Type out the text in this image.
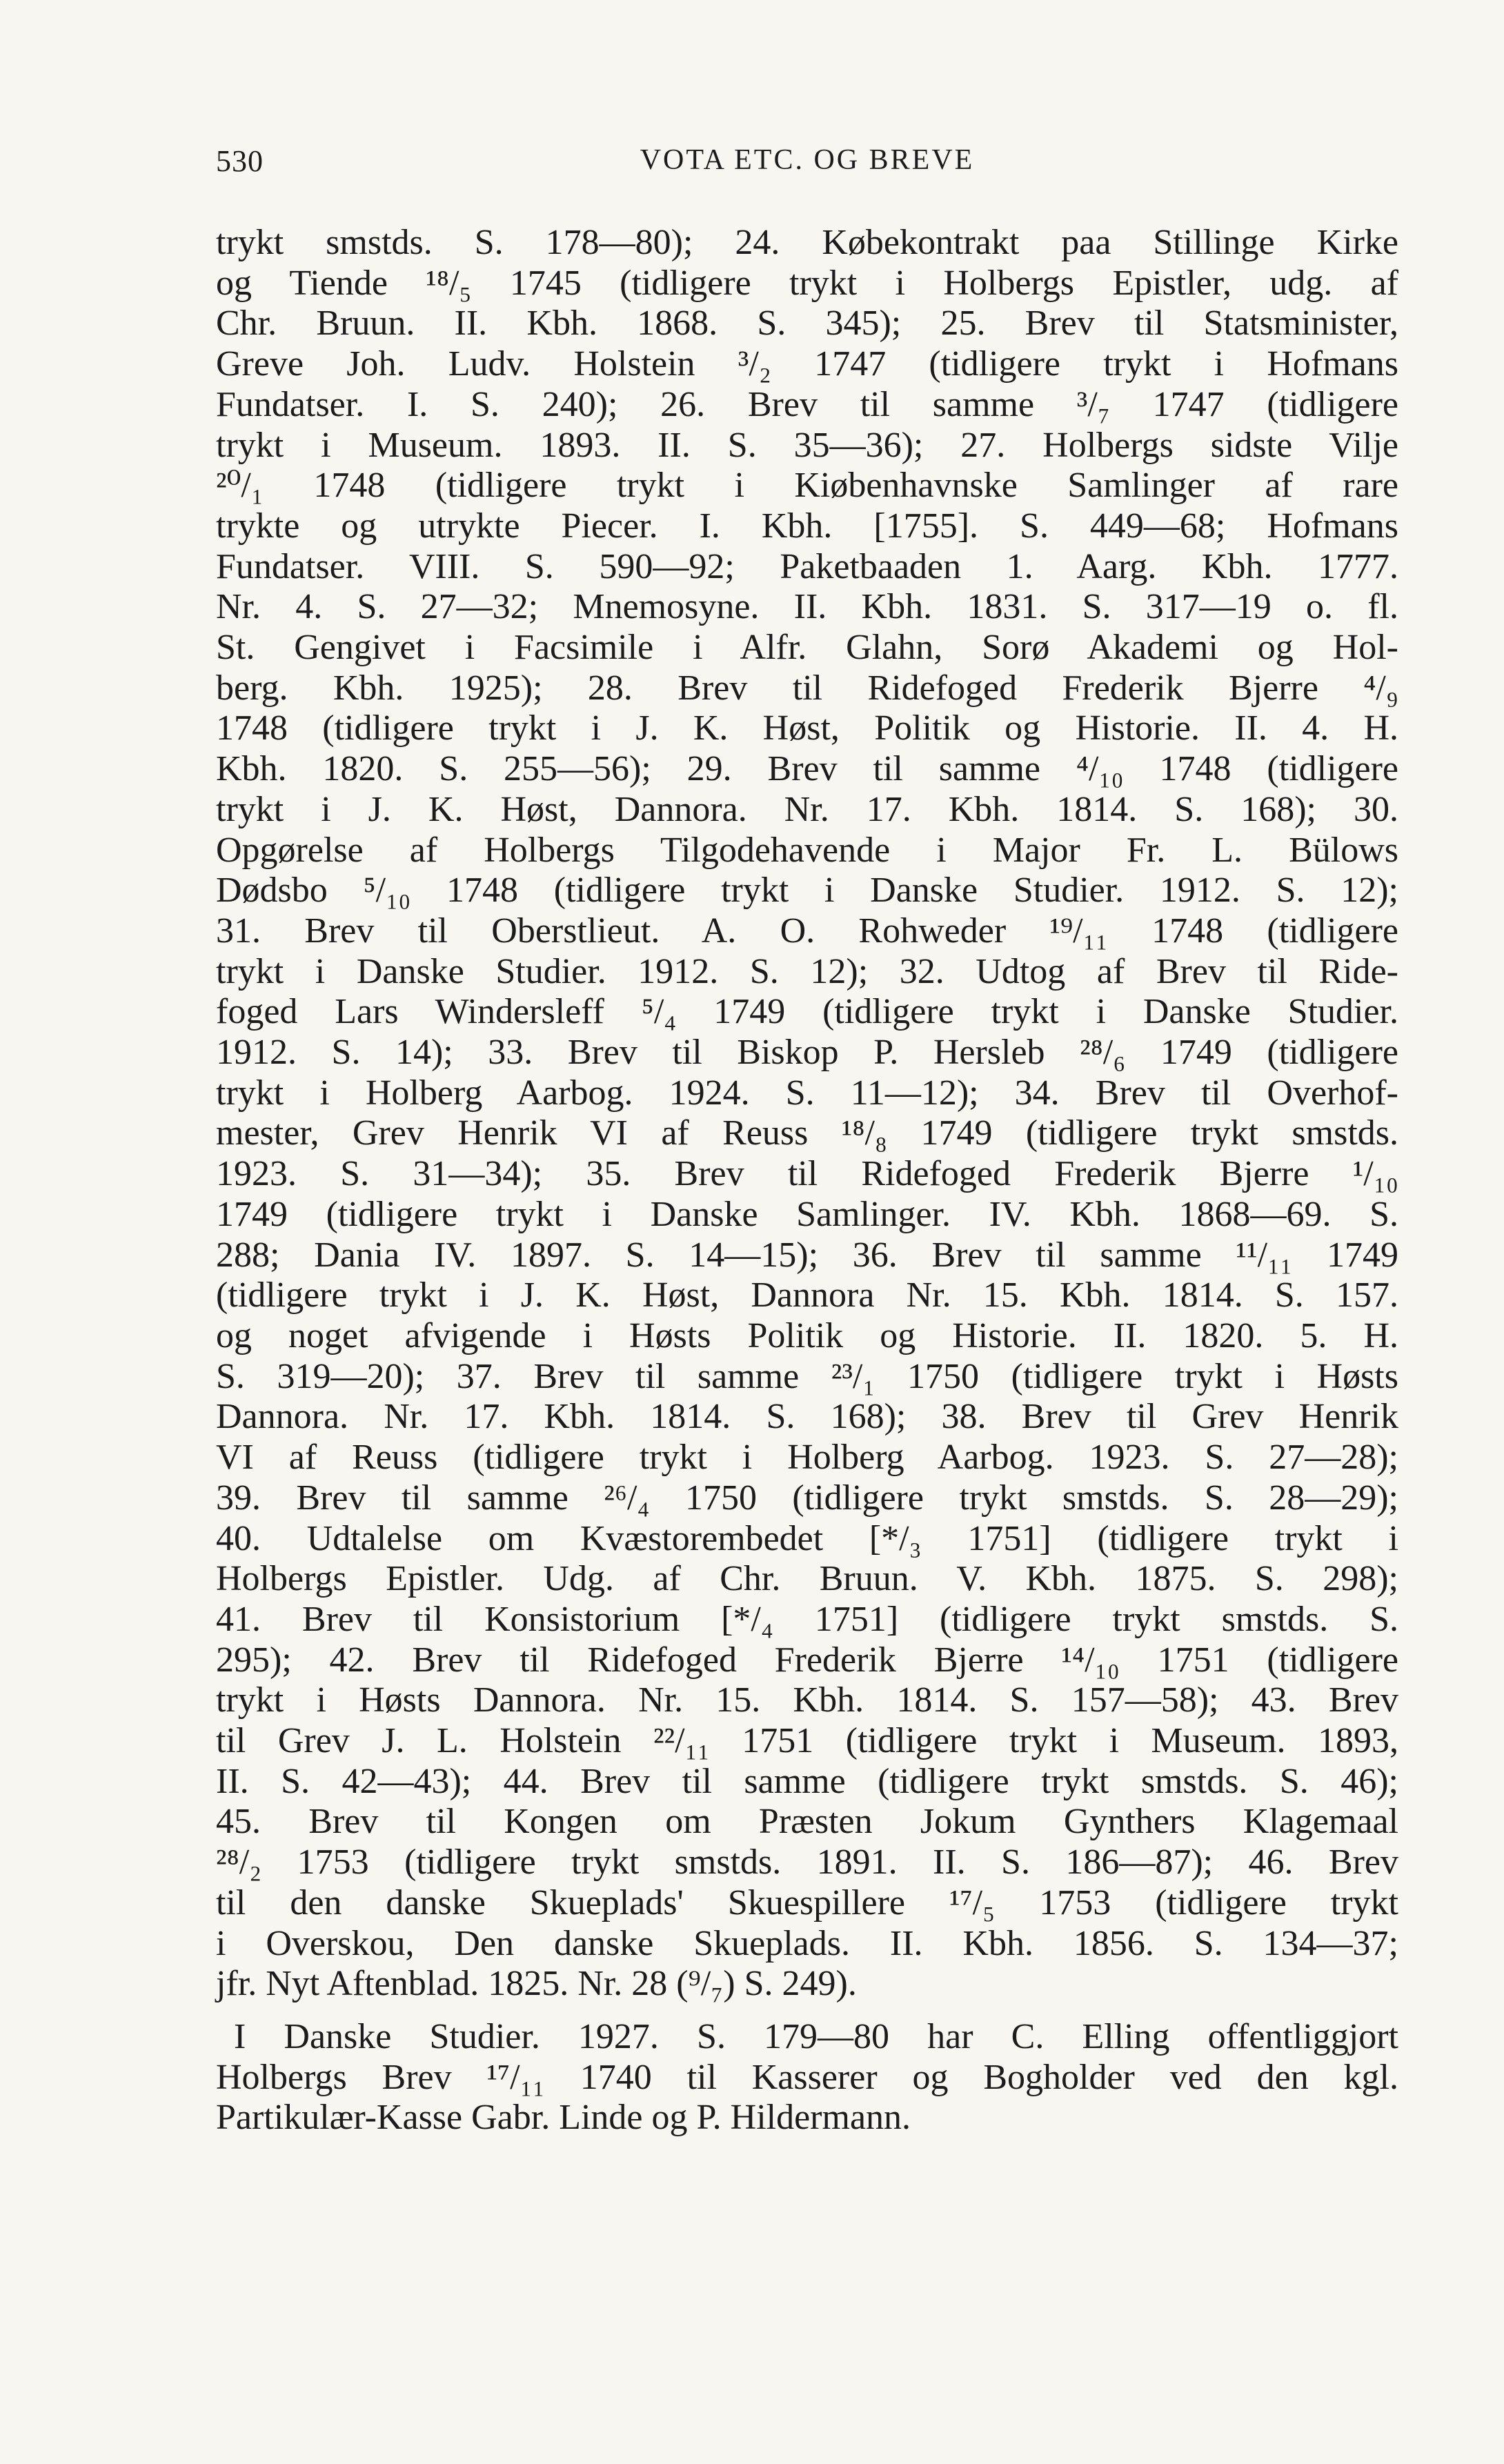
530	VOTA ETC. OG BREVE
trykt smstds. S. 178—80); 24. Købekontrakt paa Stillinge Kirke
og Tiende ¹⁸/₅ 1745 (tidligere trykt i Holbergs Epistler, udg. af
Chr. Bruun. II. Kbh. 1868. S. 345); 25. Brev til Statsminister,
Greve Joh. Ludv. Holstein ³/₂ 1747 (tidligere trykt i Hofmans
Fundatser. I. S. 240); 26. Brev til samme ³/₇ 1747 (tidligere
trykt i Museum. 1893. II. S. 35—36); 27. Holbergs sidste Vilje
²⁰/₁ 1748 (tidligere trykt i Kiøbenhavnske Samlinger af rare
trykte og utrykte Piecer. I. Kbh. [1755]. S. 449—68; Hofmans
Fundatser. VIII. S. 590—92; Paketbaaden 1. Aarg. Kbh. 1777.
Nr. 4. S. 27—32; Mnemosyne. II. Kbh. 1831. S. 317—19 o. fl.
St. Gengivet i Facsimile i Alfr. Glahn, Sorø Akademi og Hol-
berg. Kbh. 1925); 28. Brev til Ridefoged Frederik Bjerre ⁴/₉
1748 (tidligere trykt i J. K. Høst, Politik og Historie. II. 4. H.
Kbh. 1820. S. 255—56); 29. Brev til samme ⁴/₁₀ 1748 (tidligere
trykt i J. K. Høst, Dannora. Nr. 17. Kbh. 1814. S. 168); 30.
Opgørelse af Holbergs Tilgodehavende i Major Fr. L. Bülows
Dødsbo ⁵/₁₀ 1748 (tidligere trykt i Danske Studier. 1912. S. 12);
31. Brev til Oberstlieut. A. O. Rohweder ¹⁹/₁₁ 1748 (tidligere
trykt i Danske Studier. 1912. S. 12); 32. Udtog af Brev til Ride-
foged Lars Windersleff ⁵/₄ 1749 (tidligere trykt i Danske Studier.
1912. S. 14); 33. Brev til Biskop P. Hersleb ²⁸/₆ 1749 (tidligere
trykt i Holberg Aarbog. 1924. S. 11—12); 34. Brev til Overhof-
mester, Grev Henrik VI af Reuss ¹⁸/₈ 1749 (tidligere trykt smstds.
1923. S. 31—34); 35. Brev til Ridefoged Frederik Bjerre ¹/₁₀
1749 (tidligere trykt i Danske Samlinger. IV. Kbh. 1868—69. S.
288; Dania IV. 1897. S. 14—15); 36. Brev til samme ¹¹/₁₁ 1749
(tidligere trykt i J. K. Høst, Dannora Nr. 15. Kbh. 1814. S. 157.
og noget afvigende i Høsts Politik og Historie. II. 1820. 5. H.
S. 319—20); 37. Brev til samme ²³/₁ 1750 (tidligere trykt i Høsts
Dannora. Nr. 17. Kbh. 1814. S. 168); 38. Brev til Grev Henrik
VI af Reuss (tidligere trykt i Holberg Aarbog. 1923. S. 27—28);
39. Brev til samme ²⁶/₄ 1750 (tidligere trykt smstds. S. 28—29);
40. Udtalelse om Kvæstorembedet [*/₃ 1751] (tidligere trykt i
Holbergs Epistler. Udg. af Chr. Bruun. V. Kbh. 1875. S. 298);
41. Brev til Konsistorium [*/₄ 1751] (tidligere trykt smstds. S.
295); 42. Brev til Ridefoged Frederik Bjerre ¹⁴/₁₀ 1751 (tidligere
trykt i Høsts Dannora. Nr. 15. Kbh. 1814. S. 157—58); 43. Brev
til Grev J. L. Holstein ²²/₁₁ 1751 (tidligere trykt i Museum. 1893,
II. S. 42—43); 44. Brev til samme (tidligere trykt smstds. S. 46);
45. Brev til Kongen om Præsten Jokum Gynthers Klagemaal
²⁸/₂ 1753 (tidligere trykt smstds. 1891. II. S. 186—87); 46. Brev
til den danske Skueplads' Skuespillere ¹⁷/₅ 1753 (tidligere trykt
i Overskou, Den danske Skueplads. II. Kbh. 1856. S. 134—37;
jfr. Nyt Aftenblad. 1825. Nr. 28 (⁹/₇) S. 249).
I Danske Studier. 1927. S. 179—80 har C. Elling offentliggjort
Holbergs Brev ¹⁷/₁₁ 1740 til Kasserer og Bogholder ved den kgl.
Partikulær-Kasse Gabr. Linde og P. Hildermann.
